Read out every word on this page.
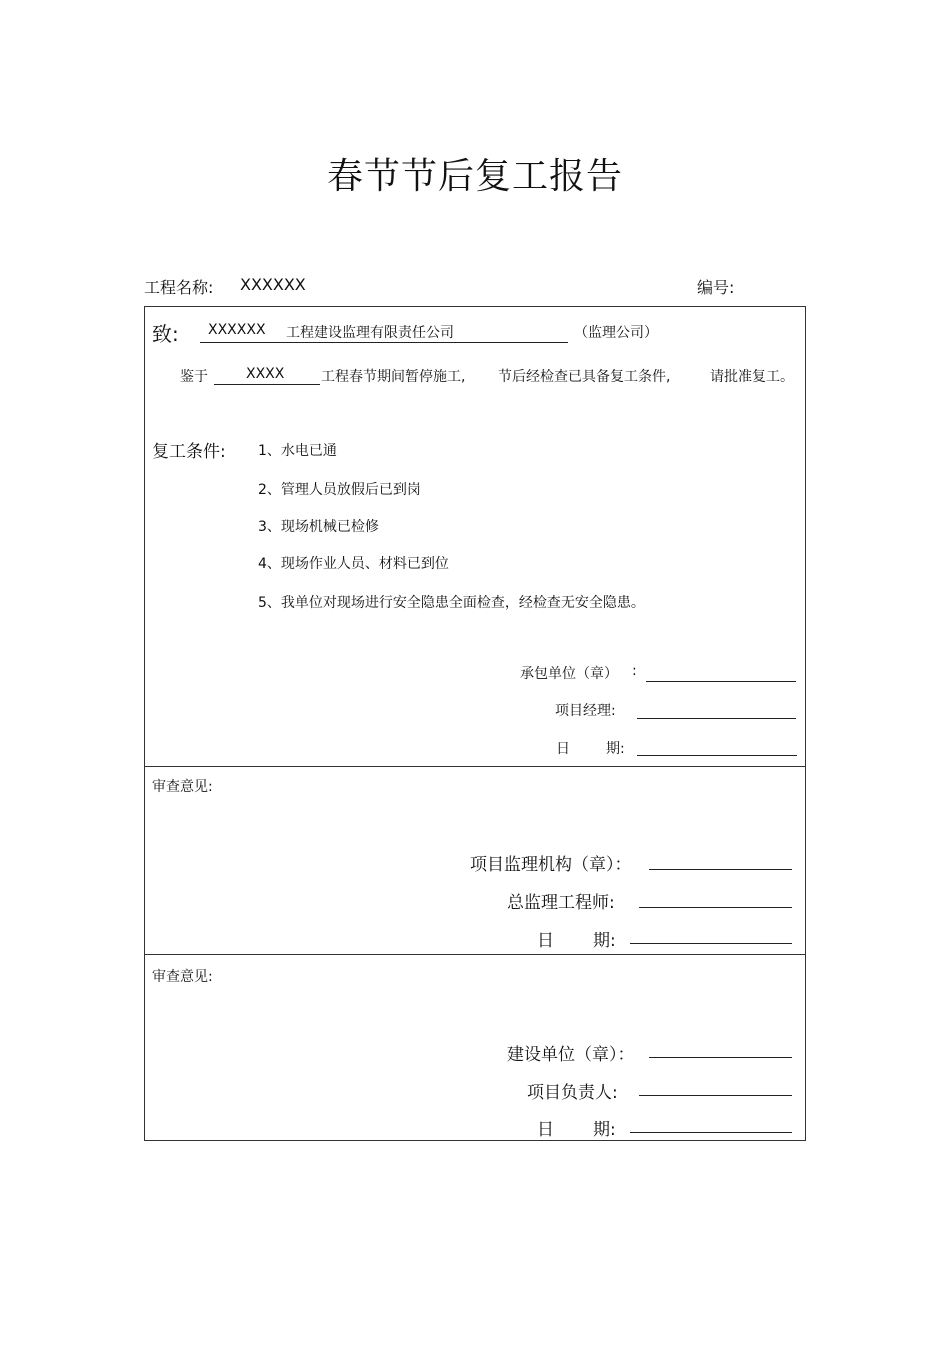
春节节后复工报告
工程名称: XXXXXX	编号:
致: XXXXXX 工程建设监理有限责任公司	（监理公司）
鉴于	XXXX	工程春节期间暂停施工, 节后经检查已具备复工条件,	请批准复工。
复工条件: 1、水电已通
2、管理人员放假后已到岗
3、现场机械已检修
4、现场作业人员、材料已到位
5、我单位对现场进行安全隐患全面检查，经检查无安全隐患。
承包单位（章） :
项目经理:
日	期:
审查意见:
项目监理机构（章）：
总监理工程师:
日 期:
审查意见:
建设单位（章）：
项目负责人:
日 期:
